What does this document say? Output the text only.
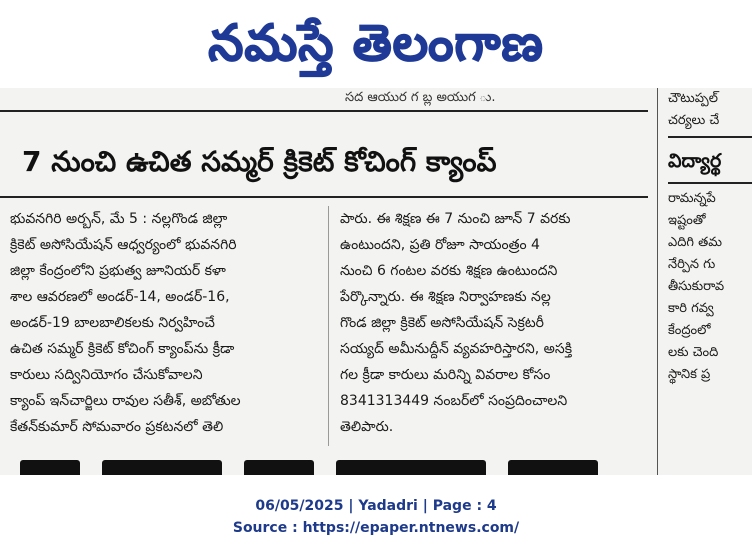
నమస్తే తెలంగాణ
సద ఆయుర గ బ్ల అయుగ ు.
7 నుంచి ఉచిత సమ్మర్ క్రికెట్ కోచింగ్ క్యాంప్
భువనగిరి అర్బన్, మే 5 : నల్లగొండ జిల్లా
క్రికెట్ అసోసియేషన్ ఆధ్వర్యంలో భువనగిరి
జిల్లా కేంద్రంలోని ప్రభుత్వ జూనియర్ కళా
శాల ఆవరణలో అండర్-14, అండర్-16,
అండర్-19 బాలబాలికలకు నిర్వహించే
ఉచిత సమ్మర్ క్రికెట్ కోచింగ్ క్యాంప్‌ను క్రీడా
కారులు సద్వినియోగం చేసుకోవాలని
క్యాంప్ ఇన్‌చార్జిలు రావుల సతీశ్, అబోతుల
కేతన్‌కుమార్ సోమవారం ప్రకటనలో తెలి
పారు. ఈ శిక్షణ ఈ 7 నుంచి జూన్ 7 వరకు
ఉంటుందని, ప్రతి రోజూ సాయంత్రం 4
నుంచి 6 గంటల వరకు శిక్షణ ఉంటుందని
పేర్కొన్నారు. ఈ శిక్షణ నిర్వాహణకు నల్ల
గొండ జిల్లా క్రికెట్ అసోసియేషన్ సెక్రటరీ
సయ్యద్ అమీనుద్దీన్ వ్యవహరిస్తారని, అసక్తి
గల క్రీడా కారులు మరిన్ని వివరాల కోసం
8341313449 నంబర్‌లో సంప్రదించాలని
తెలిపారు.
చౌటుప్పల్
చర్యలు చే
విద్యార్థ
రామన్నపే
ఇష్టంతో
ఎదిగి తమ
నేర్పిన గు
తీసుకురావ
కారి గవ్వ
కేంద్రంలో
లకు చెంది
స్థానిక ప్ర
06/05/2025 | Yadadri | Page : 4
Source : https://epaper.ntnews.com/
